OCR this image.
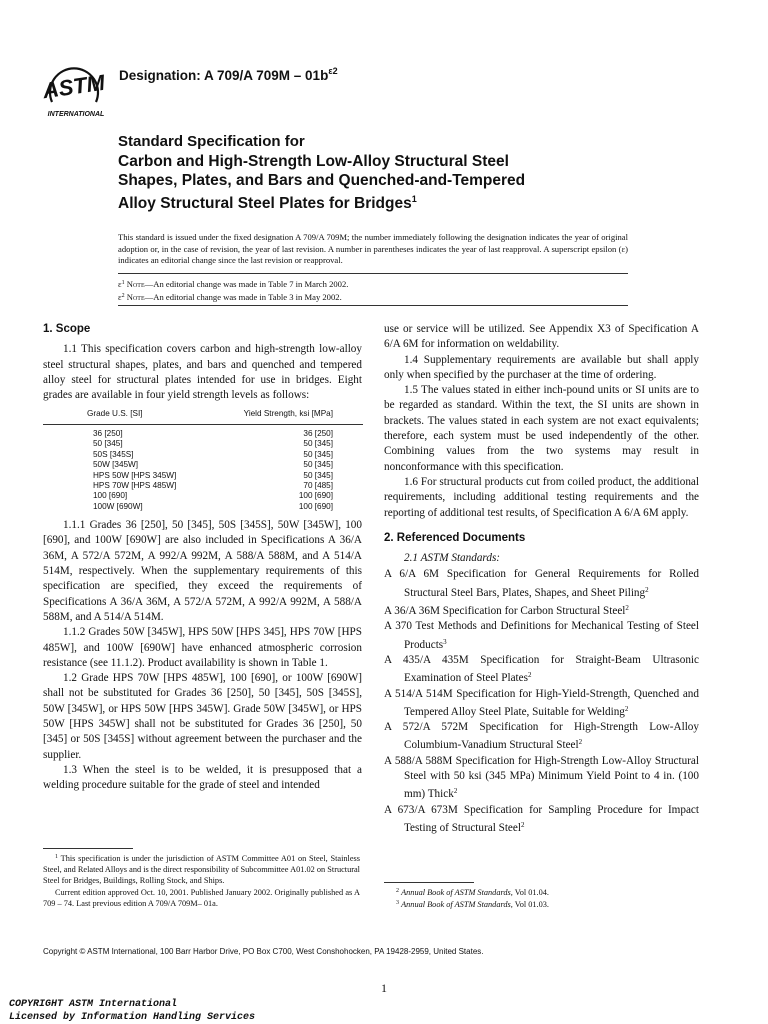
ASTM
INTERNATIONAL
Designation: A 709/A $709M - 01b^{\varepsilon 2}$
Standard Specification for
Carbon and High-Strength Low-Alloy Structural Steel
Shapes, Plates, and Bars and Quenched-and-Tempered
Alloy Structural Steel Plates for Bridges$^1$
This standard is issued under the fixed designation A 709/A 709M; the number immediately following the designation indicates the year of original adoption or, in the case of revision, the year of last revision. A number in parentheses indicates the year of last reapproval. A superscript epsilon (ε) indicates an editorial change since the last revision or reapproval.
$\varepsilon^1$ Note—An editorial change was made in Table 7 in March 2002.
$\varepsilon^2$ Note—An editorial change was made in Table 3 in May 2002.

1. Scope

1.1 This specification covers carbon and high-strength low-alloy steel structural shapes, plates, and bars and quenched and tempered alloy steel for structural plates intended for use in bridges. Eight grades are available in four yield strength levels as follows:

Grade U.S. [SI]	Yield Strength, ksi [MPa]
36 [250]	36 [250]
50 [345]	50 [345]
50S [345S]	50 [345]
50W [345W]	50 [345]
HPS 50W [HPS 345W]	50 [345]
HPS 70W [HPS 485W]	70 [485]
100 [690]	100 [690]
100W [690W]	100 [690]

1.1.1 Grades 36 [250], 50 [345], 50S [345S], 50W [345W], 100 [690], and 100W [690W] are also included in Specifications A 36/A 36M, A 572/A 572M, A 992/A 992M, A 588/A 588M, and A 514/A 514M, respectively. When the supplementary requirements of this specification are specified, they exceed the requirements of Specifications A 36/A 36M, A 572/A 572M, A 992/A 992M, A 588/A 588M, and A 514/A 514M.

1.1.2 Grades 50W [345W], HPS 50W [HPS 345], HPS 70W [HPS 485W], and 100W [690W] have enhanced atmospheric corrosion resistance (see 11.1.2). Product availability is shown in Table 1.

1.2 Grade HPS 70W [HPS 485W], 100 [690], or 100W [690W] shall not be substituted for Grades 36 [250], 50 [345], 50S [345S], 50W [345W], or HPS 50W [HPS 345W]. Grade 50W [345W], or HPS 50W [HPS 345W] shall not be substituted for Grades 36 [250], 50 [345] or 50S [345S] without agreement between the purchaser and the supplier.

1.3 When the steel is to be welded, it is presupposed that a welding procedure suitable for the grade of steel and intended

$^1$ This specification is under the jurisdiction of ASTM Committee A01 on Steel, Stainless Steel, and Related Alloys and is the direct responsibility of Subcommittee A01.02 on Structural Steel for Bridges, Buildings, Rolling Stock, and Ships.
Current edition approved Oct. 10, 2001. Published January 2002. Originally published as A 709 – 74. Last previous edition A 709/A 709M– 01a.

use or service will be utilized. See Appendix X3 of Specification A 6/A 6M for information on weldability.

1.4 Supplementary requirements are available but shall apply only when specified by the purchaser at the time of ordering.

1.5 The values stated in either inch-pound units or SI units are to be regarded as standard. Within the text, the SI units are shown in brackets. The values stated in each system are not exact equivalents; therefore, each system must be used independently of the other. Combining values from the two systems may result in nonconformance with this specification.

1.6 For structural products cut from coiled product, the additional requirements, including additional testing requirements and the reporting of additional test results, of Specification A 6/A 6M apply.

2. Referenced Documents

2.1 ASTM Standards:

A 6/A 6M Specification for General Requirements for Rolled Structural Steel Bars, Plates, Shapes, and Sheet Piling$^2$

A 36/A 36M Specification for Carbon Structural Steel$^2$

A 370 Test Methods and Definitions for Mechanical Testing of Steel Products$^3$

A 435/A 435M Specification for Straight-Beam Ultrasonic Examination of Steel Plates$^2$

A 514/A 514M Specification for High-Yield-Strength, Quenched and Tempered Alloy Steel Plate, Suitable for Welding$^2$

A 572/A 572M Specification for High-Strength Low-Alloy Columbium-Vanadium Structural Steel$^2$

A 588/A 588M Specification for High-Strength Low-Alloy Structural Steel with 50 ksi (345 MPa) Minimum Yield Point to 4 in. (100 mm) Thick$^2$

A 673/A 673M Specification for Sampling Procedure for Impact Testing of Structural Steel$^2$

$^2$ Annual Book of ASTM Standards, Vol 01.04.
$^3$ Annual Book of ASTM Standards, Vol 01.03.
Copyright © ASTM International, 100 Barr Harbor Drive, PO Box C700, West Conshohocken, PA 19428-2959, United States.
1
COPYRIGHT ASTM International
Licensed by Information Handling Services
